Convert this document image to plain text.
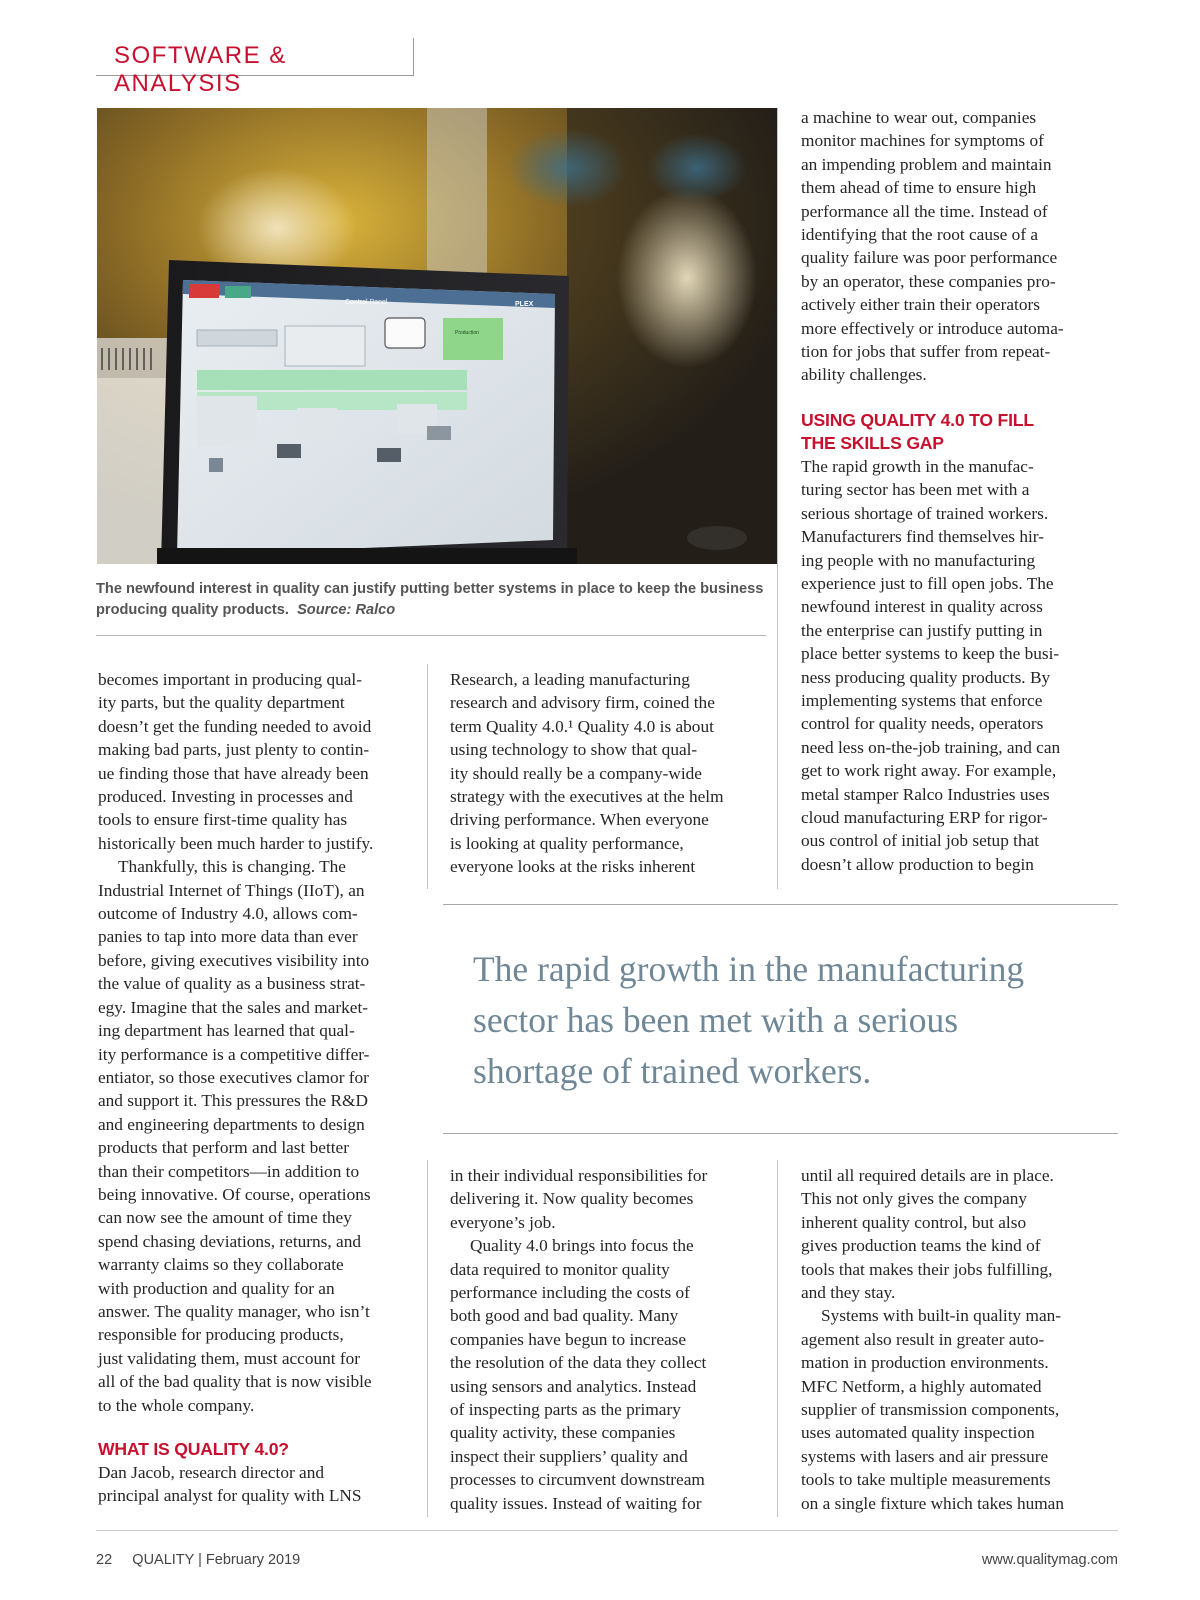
SOFTWARE & ANALYSIS
Control Panel	PLEX
Production
The newfound interest in quality can justify putting better systems in place to keep the business producing quality products. Source: Ralco

becomes important in producing qual-

ity parts, but the quality department

doesn’t get the funding needed to avoid

making bad parts, just plenty to contin-

ue finding those that have already been

produced. Investing in processes and

tools to ensure first-time quality has

historically been much harder to justify.

Thankfully, this is changing. The

Industrial Internet of Things (IIoT), an

outcome of Industry 4.0, allows com-

panies to tap into more data than ever

before, giving executives visibility into

the value of quality as a business strat-

egy. Imagine that the sales and market-

ing department has learned that qual-

ity performance is a competitive differ-

entiator, so those executives clamor for

and support it. This pressures the R&D

and engineering departments to design

products that perform and last better

than their competitors—in addition to

being innovative. Of course, operations

can now see the amount of time they

spend chasing deviations, returns, and

warranty claims so they collaborate

with production and quality for an

answer. The quality manager, who isn’t

responsible for producing products,

just validating them, must account for

all of the bad quality that is now visible

to the whole company.

WHAT IS QUALITY 4.0?

Dan Jacob, research director and

principal analyst for quality with LNS

Research, a leading manufacturing

research and advisory firm, coined the

term Quality 4.0.¹ Quality 4.0 is about

using technology to show that qual-

ity should really be a company-wide

strategy with the executives at the helm

driving performance. When everyone

is looking at quality performance,

everyone looks at the risks inherent

a machine to wear out, companies

monitor machines for symptoms of

an impending problem and maintain

them ahead of time to ensure high

performance all the time. Instead of

identifying that the root cause of a

quality failure was poor performance

by an operator, these companies pro-

actively either train their operators

more effectively or introduce automa-

tion for jobs that suffer from repeat-

ability challenges.

USING QUALITY 4.0 TO FILL

THE SKILLS GAP

The rapid growth in the manufac-

turing sector has been met with a

serious shortage of trained workers.

Manufacturers find themselves hir-

ing people with no manufacturing

experience just to fill open jobs. The

newfound interest in quality across

the enterprise can justify putting in

place better systems to keep the busi-

ness producing quality products. By

implementing systems that enforce

control for quality needs, operators

need less on-the-job training, and can

get to work right away. For example,

metal stamper Ralco Industries uses

cloud manufacturing ERP for rigor-

ous control of initial job setup that

doesn’t allow production to begin

The rapid growth in the manufacturing
sector has been met with a serious
shortage of trained workers.

in their individual responsibilities for

delivering it. Now quality becomes

everyone’s job.

Quality 4.0 brings into focus the

data required to monitor quality

performance including the costs of

both good and bad quality. Many

companies have begun to increase

the resolution of the data they collect

using sensors and analytics. Instead

of inspecting parts as the primary

quality activity, these companies

inspect their suppliers’ quality and

processes to circumvent downstream

quality issues. Instead of waiting for

until all required details are in place.

This not only gives the company

inherent quality control, but also

gives production teams the kind of

tools that makes their jobs fulfilling,

and they stay.

Systems with built-in quality man-

agement also result in greater auto-

mation in production environments.

MFC Netform, a highly automated

supplier of transmission components,

uses automated quality inspection

systems with lasers and air pressure

tools to take multiple measurements

on a single fixture which takes human

22 QUALITY | February 2019	www.qualitymag.com
